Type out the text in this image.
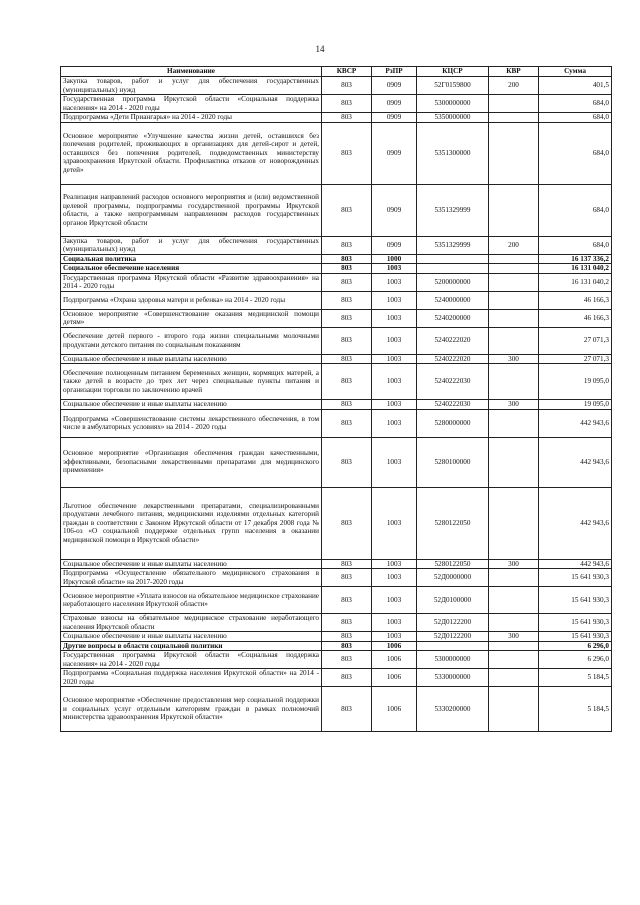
14
Наименование	КВСР	РзПР	КЦСР	КВР	Сумма
Закупка товаров, работ и услуг для обеспечения государственных (муниципальных) нужд	803	0909	52Г0159800	200	401,5
Государственная программа Иркутской области «Социальная поддержка населения» на 2014 - 2020 годы	803	0909	5300000000		684,0
Подпрограмма «Дети Приангарья» на 2014 - 2020 годы	803	0909	5350000000		684,0
Основное мероприятие «Улучшение качества жизни детей, оставшихся без попечения родителей, проживающих в организациях для детей-сирот и детей, оставшихся без попечения родителей, подведомственных министерству здравоохранения Иркутской области. Профилактика отказов от новорожденных детей»	803	0909	5351300000		684,0
Реализация направлений расходов основного мероприятия и (или) ведомственной целевой программы, подпрограммы государственной программы Иркутской области, а также непрограммным направлениям расходов государственных органов Иркутской области	803	0909	5351329999		684,0
Закупка товаров, работ и услуг для обеспечения государственных (муниципальных) нужд	803	0909	5351329999	200	684,0
Социальная политика	803	1000			16 137 336,2
Социальное обеспечение населения	803	1003			16 131 040,2
Государственная программа Иркутской области «Развитие здравоохранения» на 2014 - 2020 годы	803	1003	5200000000		16 131 040,2
Подпрограмма «Охрана здоровья матери и ребенка» на 2014 - 2020 годы	803	1003	5240000000		46 166,3
Основное мероприятие «Совершенствование оказания медицинской помощи детям»	803	1003	5240200000		46 166,3
Обеспечение детей первого - второго года жизни специальными молочными продуктами детского питания по социальным показаниям	803	1003	5240222020		27 071,3
Социальное обеспечение и иные выплаты населению	803	1003	5240222020	300	27 071,3
Обеспечение полноценным питанием беременных женщин, кормящих матерей, а также детей в возрасте до трех лет через специальные пункты питания и организации торговли по заключению врачей	803	1003	5240222030		19 095,0
Социальное обеспечение и иные выплаты населению	803	1003	5240222030	300	19 095,0
Подпрограмма «Совершенствование системы лекарственного обеспечения, в том числе в амбулаторных условиях» на 2014 - 2020 годы	803	1003	5280000000		442 943,6
Основное мероприятие «Организация обеспечения граждан качественными, эффективными, безопасными лекарственными препаратами для медицинского применения»	803	1003	5280100000		442 943,6
Льготное обеспечение лекарственными препаратами, специализированными продуктами лечебного питания, медицинскими изделиями отдельных категорий граждан в соответствии с Законом Иркутской области от 17 декабря 2008 года № 106-оз «О социальной поддержке отдельных групп населения в оказании медицинской помощи в Иркутской области»	803	1003	5280122050		442 943,6
Социальное обеспечение и иные выплаты населению	803	1003	5280122050	300	442 943,6
Подпрограмма «Осуществление обязательного медицинского страхования в Иркутской области» на 2017-2020 годы	803	1003	52Д0000000		15 641 930,3
Основное мероприятие «Уплата взносов на обязательное медицинское страхование неработающего населения Иркутской области»	803	1003	52Д0100000		15 641 930,3
Страховые взносы на обязательное медицинское страхование неработающего населения Иркутской области	803	1003	52Д0122200		15 641 930,3
Социальное обеспечение и иные выплаты населению	803	1003	52Д0122200	300	15 641 930,3
Другие вопросы в области социальной политики	803	1006			6 296,0
Государственная программа Иркутской области «Социальная поддержка населения» на 2014 - 2020 годы	803	1006	5300000000		6 296,0
Подпрограмма «Социальная поддержка населения Иркутской области» на 2014 - 2020 годы	803	1006	5330000000		5 184,5
Основное мероприятие «Обеспечение предоставления мер социальной поддержки и социальных услуг отдельным категориям граждан в рамках полномочий министерства здравоохранения Иркутской области»	803	1006	5330200000		5 184,5
